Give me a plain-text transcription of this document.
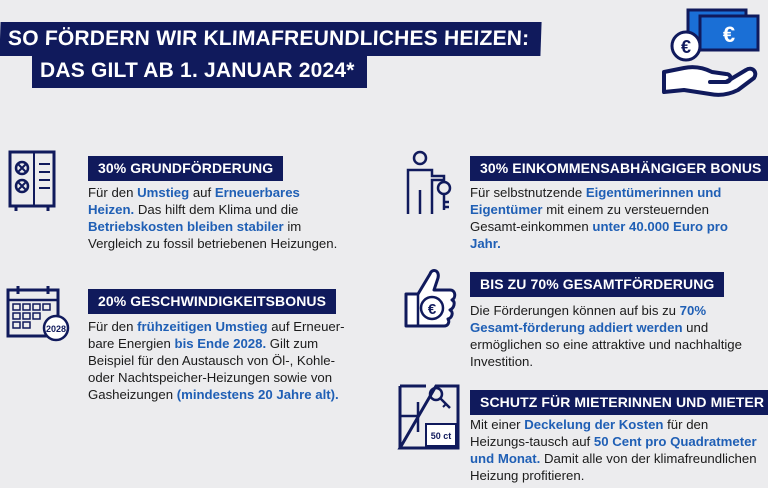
SO FÖRDERN WIR KLIMAFREUNDLICHES HEIZEN:
DAS GILT AB 1. JANUAR 2024*
€
€
30% GRUNDFÖRDERUNG
Für den Umstieg auf Erneuerbares Heizen. Das hilft dem Klima und die Betriebskosten bleiben stabiler im Vergleich zu fossil betriebenen Heizungen.
2028
20% GESCHWINDIGKEITSBONUS
Für den frühzeitigen Umstieg auf Erneuer-bare Energien bis Ende 2028. Gilt zum Beispiel für den Austausch von Öl-, Kohle- oder Nachtspeicher-Heizungen sowie von Gasheizungen (mindestens 20 Jahre alt).
30% EINKOMMENSABHÄNGIGER BONUS
Für selbstnutzende Eigentümerinnen und Eigentümer mit einem zu versteuernden Gesamt-einkommen unter 40.000 Euro pro Jahr.
€
BIS ZU 70% GESAMTFÖRDERUNG
Die Förderungen können auf bis zu 70% Gesamt-förderung addiert werden und ermöglichen so eine attraktive und nachhaltige Investition.
50 ct
SCHUTZ FÜR MIETERINNEN UND MIETER
Mit einer Deckelung der Kosten für den Heizungs-tausch auf 50 Cent pro Quadratmeter und Monat. Damit alle von der klimafreundlichen Heizung profitieren.
